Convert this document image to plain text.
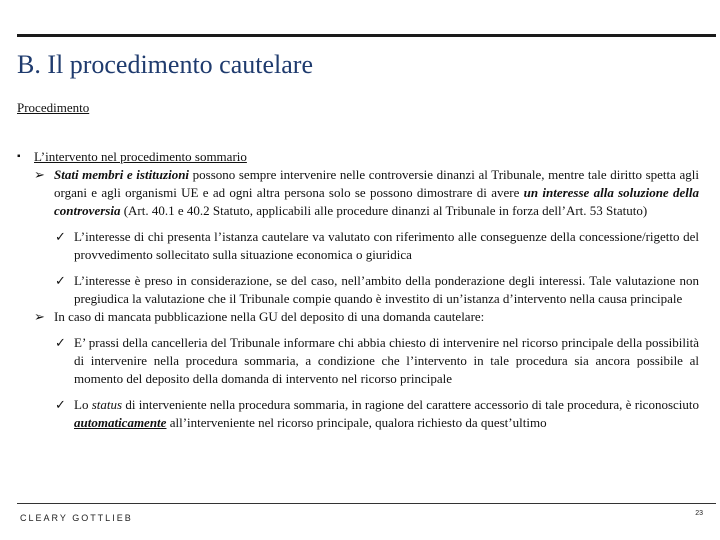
B. Il procedimento cautelare
Procedimento
▪ L’intervento nel procedimento sommario
➢ Stati membri e istituzioni possono sempre intervenire nelle controversie dinanzi al Tribunale, mentre tale diritto spetta agli organi e agli organismi UE e ad ogni altra persona solo se possono dimostrare di avere un interesse alla soluzione della controversia (Art. 40.1 e 40.2 Statuto, applicabili alle procedure dinanzi al Tribunale in forza dell’Art. 53 Statuto)
✓ L’interesse di chi presenta l’istanza cautelare va valutato con riferimento alle conseguenze della concessione/rigetto del provvedimento sollecitato sulla situazione economica o giuridica
✓ L’interesse è preso in considerazione, se del caso, nell’ambito della ponderazione degli interessi. Tale valutazione non pregiudica la valutazione che il Tribunale compie quando è investito di un’istanza d’intervento nella causa principale
➢ In caso di mancata pubblicazione nella GU del deposito di una domanda cautelare:
✓ E’ prassi della cancelleria del Tribunale informare chi abbia chiesto di intervenire nel ricorso principale della possibilità di intervenire nella procedura sommaria, a condizione che l’intervento in tale procedura sia ancora possibile al momento del deposito della domanda di intervento nel ricorso principale
✓ Lo status di interveniente nella procedura sommaria, in ragione del carattere accessorio di tale procedura, è riconosciuto automaticamente all’interveniente nel ricorso principale, qualora richiesto da quest’ultimo
CLEARY GOTTLIEB	23
